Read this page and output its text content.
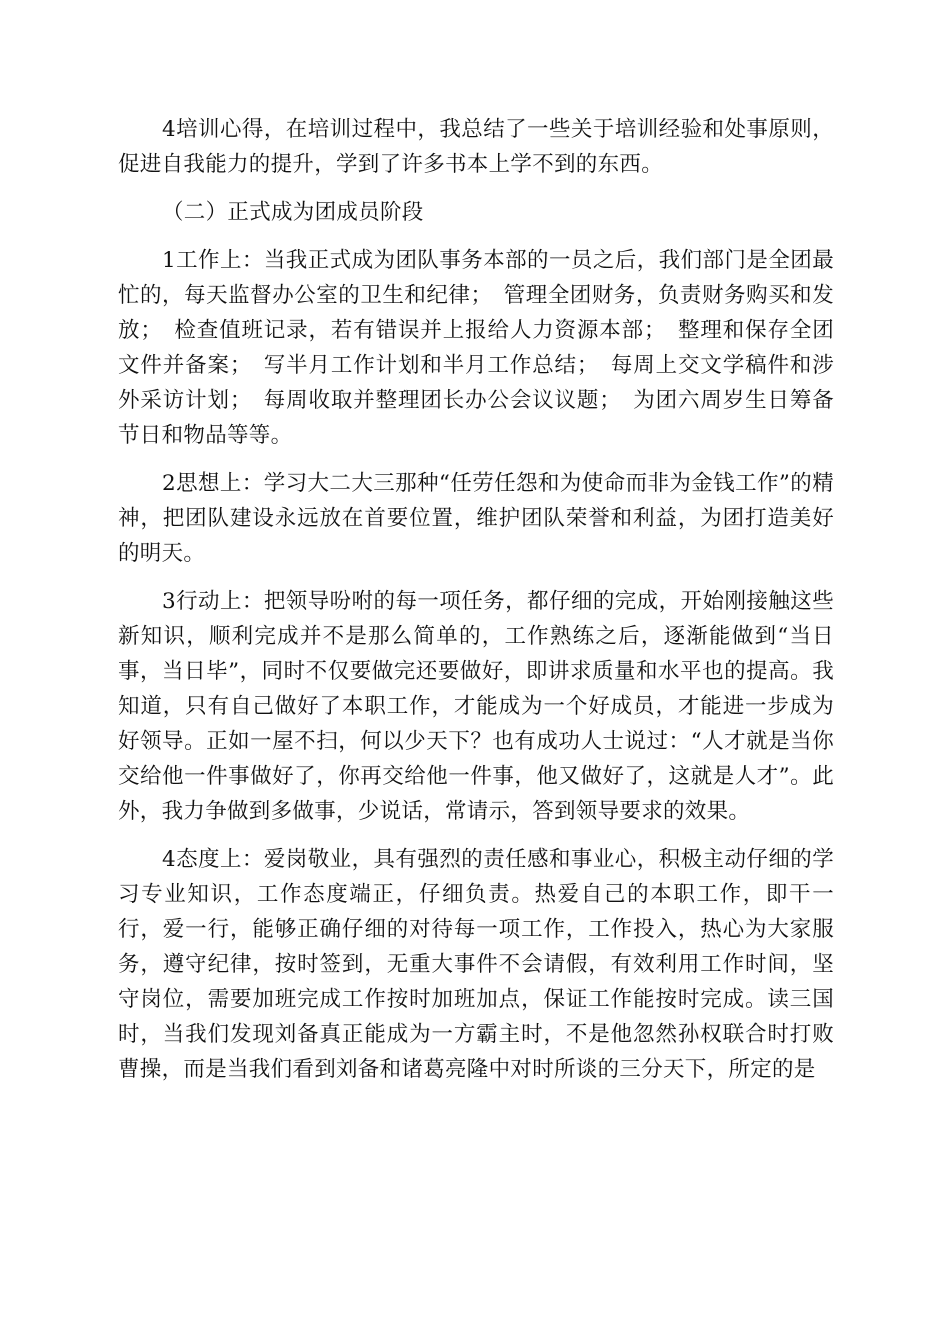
4培训心得，在培训过程中，我总结了一些关于培训经验和处事原则，促进自我能力的提升，学到了许多书本上学不到的东西。

（二）正式成为团成员阶段

1工作上：当我正式成为团队事务本部的一员之后，我们部门是全团最忙的，每天监督办公室的卫生和纪律；　管理全团财务，负责财务购买和发放；　检查值班记录，若有错误并上报给人力资源本部；　整理和保存全团文件并备案；　写半月工作计划和半月工作总结；　每周上交文学稿件和涉外采访计划；　每周收取并整理团长办公会议议题；　为团六周岁生日筹备节日和物品等等。

2思想上：学习大二大三那种“任劳任怨和为使命而非为金钱工作”的精神，把团队建设永远放在首要位置，维护团队荣誉和利益，为团打造美好的明天。

3行动上：把领导吩咐的每一项任务，都仔细的完成，开始刚接触这些新知识，顺利完成并不是那么简单的，工作熟练之后，逐渐能做到“当日事，当日毕”，同时不仅要做完还要做好，即讲求质量和水平也的提高。我知道，只有自己做好了本职工作，才能成为一个好成员，才能进一步成为好领导。正如一屋不扫，何以少天下？也有成功人士说过：“人才就是当你交给他一件事做好了，你再交给他一件事，他又做好了，这就是人才”。此外，我力争做到多做事，少说话，常请示，答到领导要求的效果。

4态度上：爱岗敬业，具有强烈的责任感和事业心，积极主动仔细的学习专业知识，工作态度端正，仔细负责。热爱自己的本职工作，即干一行，爱一行，能够正确仔细的对待每一项工作，工作投入，热心为大家服务，遵守纪律，按时签到，无重大事件不会请假，有效利用工作时间，坚守岗位，需要加班完成工作按时加班加点，保证工作能按时完成。读三国时，当我们发现刘备真正能成为一方霸主时，不是他忽然孙权联合时打败曹操，而是当我们看到刘备和诸葛亮隆中对时所谈的三分天下，所定的是
